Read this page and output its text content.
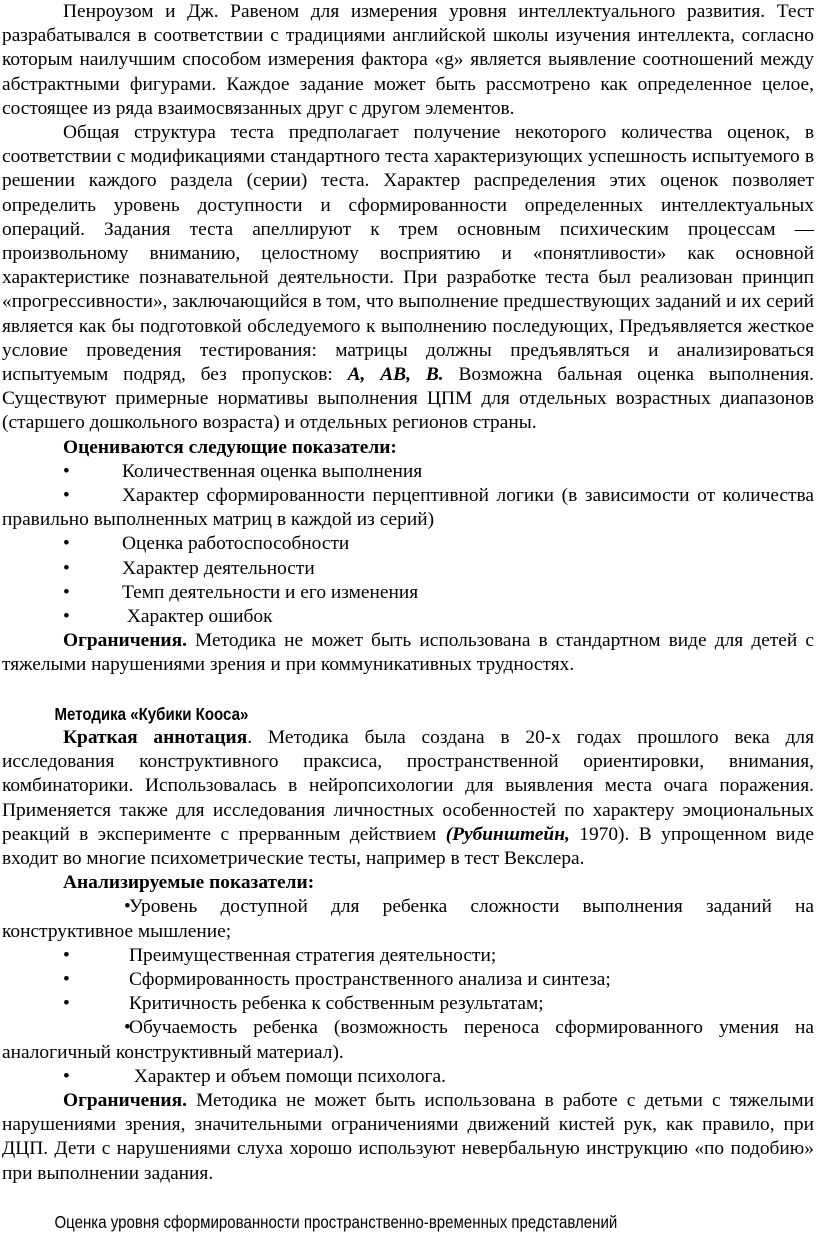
Пенроузом и Дж. Равеном для измерения уровня интеллектуального развития. Тест разрабатывался в соответствии с традициями английской школы изучения интеллекта, согласно которым наилучшим способом измерения фактора «g» является выявление соотношений между абстрактными фигурами. Каждое задание может быть рассмотрено как определенное целое, состоящее из ряда взаимосвязанных друг с другом элементов.

Общая структура теста предполагает получение некоторого количества оценок, в соответствии с модификациями стандартного теста характеризующих успешность испытуемого в решении каждого раздела (серии) теста. Характер распределения этих оценок позволяет определить уровень доступности и сформированности определенных интеллектуальных операций. Задания теста апеллируют к трем основным психическим процессам — произвольному вниманию, целостному восприятию и «понятливости» как основной характеристике познавательной деятельности. При разработке теста был реализован принцип «прогрессивности», заключающийся в том, что выполнение предшествующих заданий и их серий является как бы подготовкой обследуемого к выполнению последующих, Предъявляется жесткое условие проведения тестирования: матрицы должны предъявляться и анализироваться испытуемым подряд, без пропусков: А, АВ, В. Возможна бальная оценка выполнения. Существуют примерные нормативы выполнения ЦПМ для отдельных возрастных диапазонов (старшего дошкольного возраста) и отдельных регионов страны.

Оцениваются следующие показатели:

•	Количественная оценка выполнения

•	Характер сформированности перцептивной логики (в зависимости от количества правильно выполненных матриц в каждой из серий)

•	Оценка работоспособности

•	Характер деятельности

•	Темп деятельности и его изменения

•	Характер ошибок

Ограничения. Методика не может быть использована в стандартном виде для детей с тяжелыми нарушениями зрения и при коммуникативных трудностях.

Методика «Кубики Кооса»

Краткая аннотация. Методика была создана в 20-х годах прошлого века для исследования конструктивного праксиса, пространственной ориентировки, внимания, комбинаторики. Использовалась в нейропсихологии для выявления места очага поражения. Применяется также для исследования личностных особенностей по характеру эмоциональных реакций в эксперименте с прерванным действием (Рубинштейн, 1970). В упрощенном виде входит во многие психометрические тесты, например в тест Векслера.

Анализируемые показатели:

•Уровень доступной для ребенка сложности выполнения заданий на конструктивное мышление;

•	Преимущественная стратегия деятельности;

•	Сформированность пространственного анализа и синтеза;

•	Критичность ребенка к собственным результатам;

•Обучаемость ребенка (возможность переноса сформированного умения на аналогичный конструктивный материал).

•	Характер и объем помощи психолога.

Ограничения. Методика не может быть использована в работе с детьми с тяжелыми нарушениями зрения, значительными ограничениями движений кистей рук, как правило, при ДЦП. Дети с нарушениями слуха хорошо используют невербальную инструкцию «по подобию» при выполнении задания.

Оценка уровня сформированности пространственно-временных представлений
